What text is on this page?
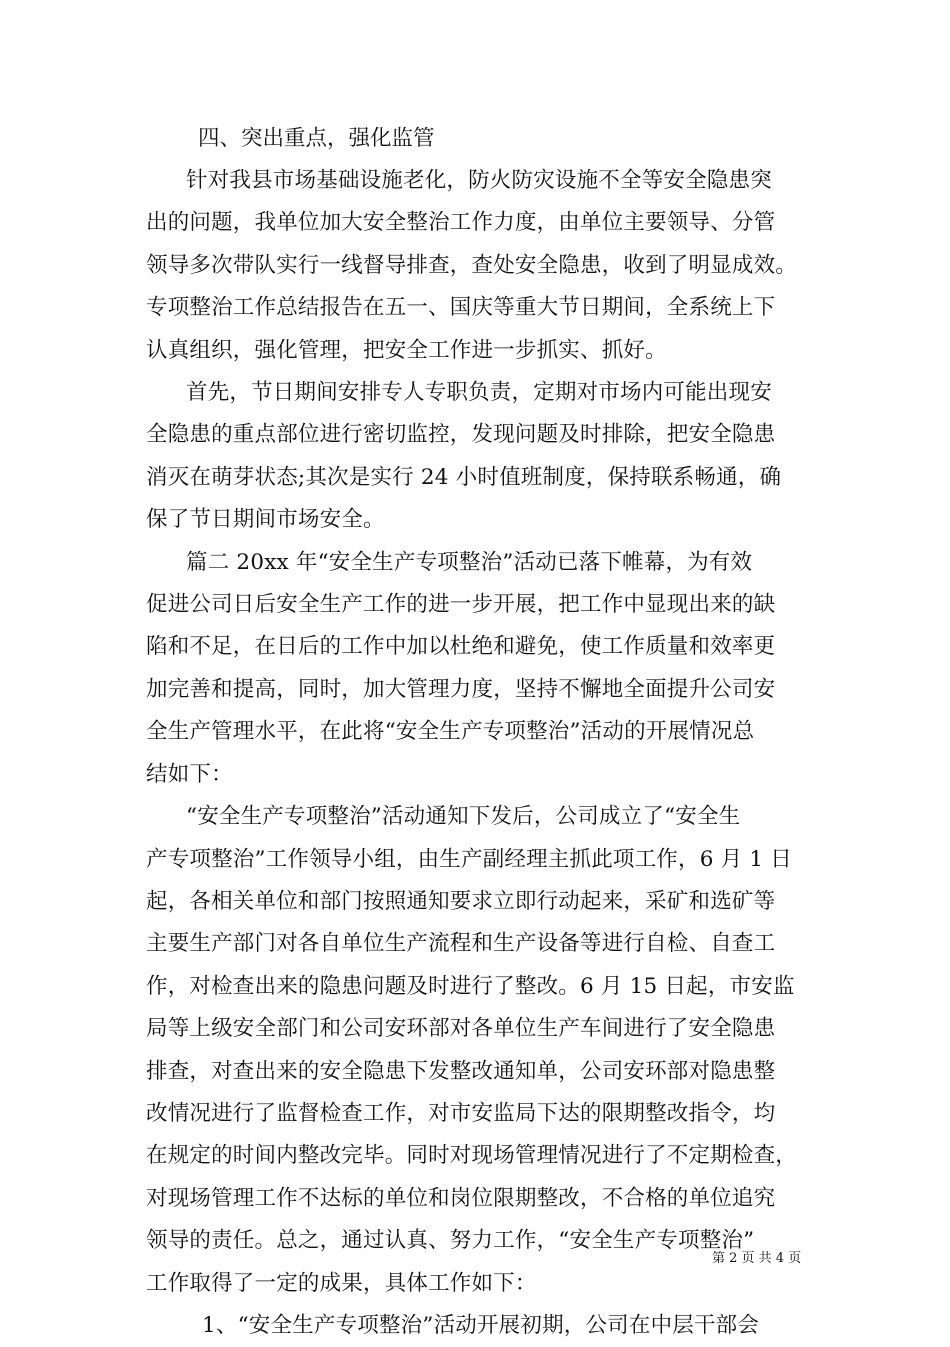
四、突出重点，强化监管

针对我县市场基础设施老化，防火防灾设施不全等安全隐患突
出的问题，我单位加大安全整治工作力度，由单位主要领导、分管
领导多次带队实行一线督导排查，查处安全隐患，收到了明显成效。
专项整治工作总结报告在五一、国庆等重大节日期间，全系统上下
认真组织，强化管理，把安全工作进一步抓实、抓好。
首先，节日期间安排专人专职负责，定期对市场内可能出现安
全隐患的重点部位进行密切监控，发现问题及时排除，把安全隐患
消灭在萌芽状态;其次是实行 24 小时值班制度，保持联系畅通，确
保了节日期间市场安全。
篇二 20xx 年“安全生产专项整治”活动已落下帷幕，为有效
促进公司日后安全生产工作的进一步开展，把工作中显现出来的缺
陷和不足，在日后的工作中加以杜绝和避免，使工作质量和效率更
加完善和提高，同时，加大管理力度，坚持不懈地全面提升公司安
全生产管理水平，在此将“安全生产专项整治”活动的开展情况总
结如下：
“安全生产专项整治”活动通知下发后，公司成立了“安全生
产专项整治”工作领导小组，由生产副经理主抓此项工作，6 月 1 日
起，各相关单位和部门按照通知要求立即行动起来，采矿和选矿等
主要生产部门对各自单位生产流程和生产设备等进行自检、自查工
作，对检查出来的隐患问题及时进行了整改。6 月 15 日起，市安监
局等上级安全部门和公司安环部对各单位生产车间进行了安全隐患
排查，对查出来的安全隐患下发整改通知单，公司安环部对隐患整
改情况进行了监督检查工作，对市安监局下达的限期整改指令，均
在规定的时间内整改完毕。同时对现场管理情况进行了不定期检查，
对现场管理工作不达标的单位和岗位限期整改，不合格的单位追究
领导的责任。总之，通过认真、努力工作，“安全生产专项整治”
工作取得了一定的成果，具体工作如下：
1、“安全生产专项整治”活动开展初期，公司在中层干部会
第 2 页 共 4 页
